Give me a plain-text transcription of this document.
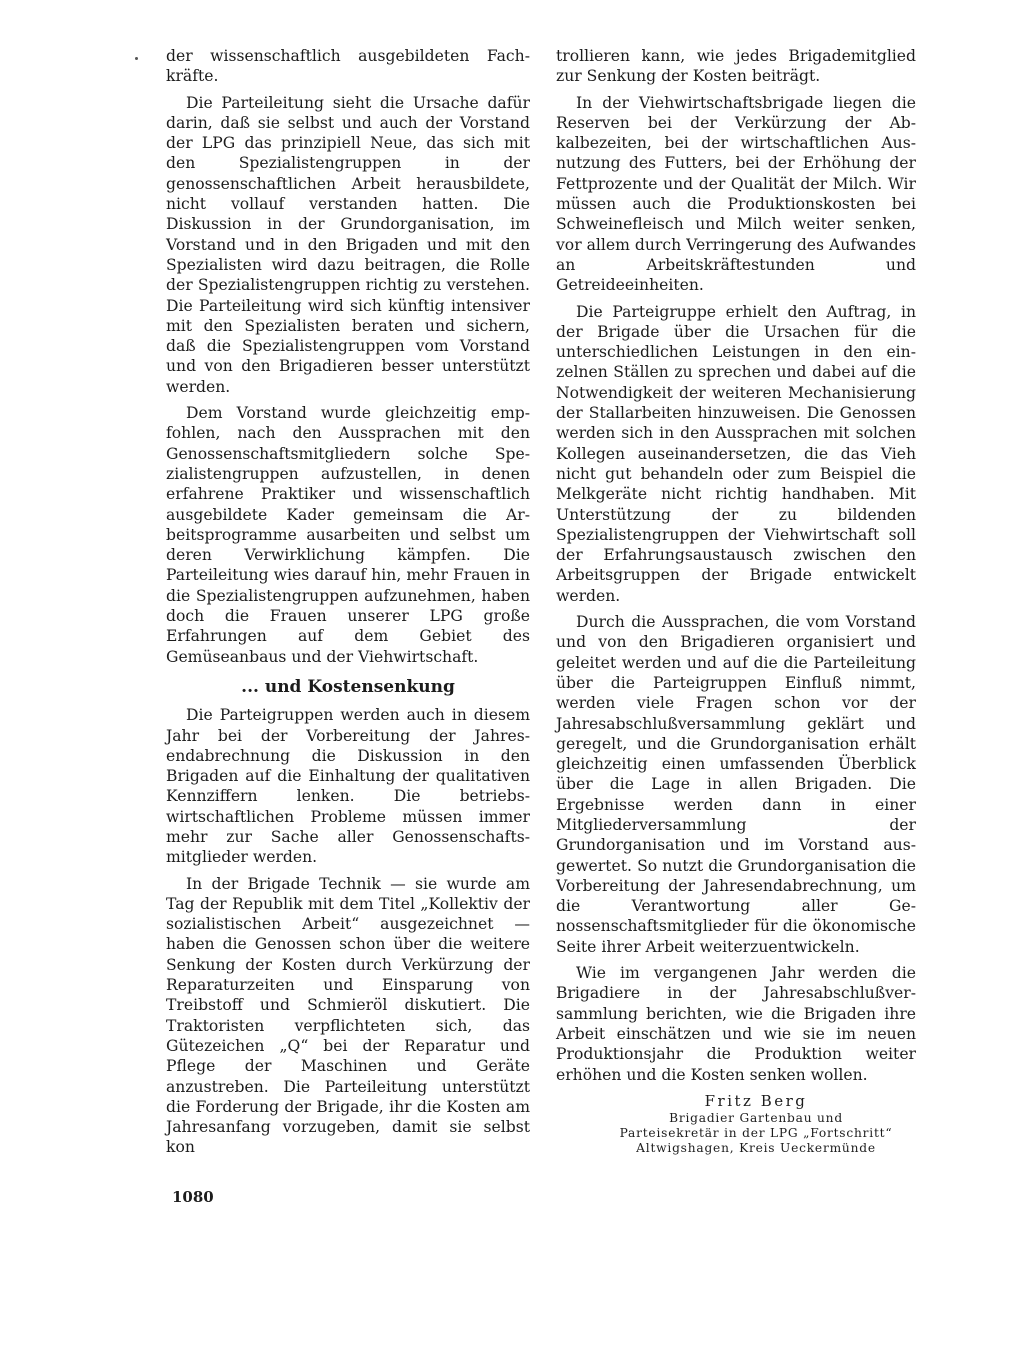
der wissenschaftlich ausgebildeten Fachkräfte.

Die Parteileitung sieht die Ursache dafür darin, daß sie selbst und auch der Vorstand der LPG das prinzipiell Neue, das sich mit den Spezialistengruppen in der genossenschaftlichen Arbeit herausbildete, nicht vollauf verstanden hatten. Die Diskussion in der Grundorganisation, im Vorstand und in den Brigaden und mit den Spezialisten wird dazu beitragen, die Rolle der Spezialistengruppen richtig zu verstehen. Die Parteileitung wird sich künftig intensiver mit den Spezialisten beraten und sichern, daß die Spezialistengruppen vom Vorstand und von den Brigadieren besser unterstützt werden.

Dem Vorstand wurde gleichzeitig empfohlen, nach den Aussprachen mit den Genossenschaftsmitgliedern solche Spezialistengruppen aufzustellen, in denen erfahrene Praktiker und wissenschaftlich ausgebildete Kader gemeinsam die Arbeitsprogramme ausarbeiten und selbst um deren Verwirklichung kämpfen. Die Parteileitung wies darauf hin, mehr Frauen in die Spezialistengruppen aufzunehmen, haben doch die Frauen unserer LPG große Erfahrungen auf dem Gebiet des Gemüseanbaus und der Viehwirtschaft.

... und Kostensenkung

Die Parteigruppen werden auch in diesem Jahr bei der Vorbereitung der Jahresendabrechnung die Diskussion in den Brigaden auf die Einhaltung der qualitativen Kennziffern lenken. Die betriebswirtschaftlichen Probleme müssen immer mehr zur Sache aller Genossenschaftsmitglieder werden.

In der Brigade Technik — sie wurde am Tag der Republik mit dem Titel „Kollektiv der sozialistischen Arbeit“ ausgezeichnet — haben die Genossen schon über die weitere Senkung der Kosten durch Verkürzung der Reparaturzeiten und Einsparung von Treibstoff und Schmieröl diskutiert. Die Traktoristen verpflichteten sich, das Gütezeichen „Q“ bei der Reparatur und Pflege der Maschinen und Geräte anzustreben. Die Parteileitung unterstützt die Forderung der Brigade, ihr die Kosten am Jahresanfang vorzugeben, damit sie selbst kon

trollieren kann, wie jedes Brigademitglied zur Senkung der Kosten beiträgt.

In der Viehwirtschaftsbrigade liegen die Reserven bei der Verkürzung der Abkalbezeiten, bei der wirtschaftlichen Ausnutzung des Futters, bei der Erhöhung der Fettprozente und der Qualität der Milch. Wir müssen auch die Produktionskosten bei Schweinefleisch und Milch weiter senken, vor allem durch Verringerung des Aufwandes an Arbeitskräftestunden und Getreideeinheiten.

Die Parteigruppe erhielt den Auftrag, in der Brigade über die Ursachen für die unterschiedlichen Leistungen in den einzelnen Ställen zu sprechen und dabei auf die Notwendigkeit der weiteren Mechanisierung der Stallarbeiten hinzuweisen. Die Genossen werden sich in den Aussprachen mit solchen Kollegen auseinandersetzen, die das Vieh nicht gut behandeln oder zum Beispiel die Melkgeräte nicht richtig handhaben. Mit Unterstützung der zu bildenden Spezialistengruppen der Viehwirtschaft soll der Erfahrungsaustausch zwischen den Arbeitsgruppen der Brigade entwickelt werden.

Durch die Aussprachen, die vom Vorstand und von den Brigadieren organisiert und geleitet werden und auf die die Parteileitung über die Parteigruppen Einfluß nimmt, werden viele Fragen schon vor der Jahresabschlußversammlung geklärt und geregelt, und die Grundorganisation erhält gleichzeitig einen umfassenden Überblick über die Lage in allen Brigaden. Die Ergebnisse werden dann in einer Mitgliederversammlung der Grundorganisation und im Vorstand ausgewertet. So nutzt die Grundorganisation die Vorbereitung der Jahresendabrechnung, um die Verantwortung aller Genossenschaftsmitglieder für die ökonomische Seite ihrer Arbeit weiterzuentwickeln.

Wie im vergangenen Jahr werden die Brigadiere in der Jahresabschlußversammlung berichten, wie die Brigaden ihre Arbeit einschätzen und wie sie im neuen Produktionsjahr die Produktion weiter erhöhen und die Kosten senken wollen.

Fritz Berg
Brigadier Gartenbau und
Parteisekretär in der LPG „Fortschritt“
Altwigshagen, Kreis Ueckermünde
1080
